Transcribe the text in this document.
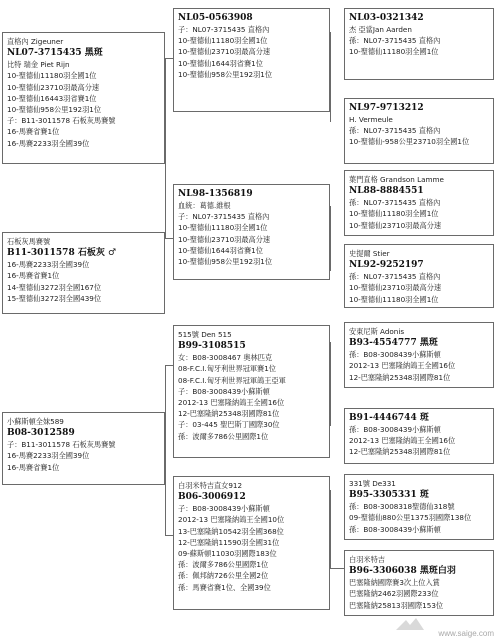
直格內 Zigeuner
NL07-3715435 黑斑
比特 瑞金 Piet Rijn
10-聖德仙11180羽全國1位
10-聖德仙23710羽最高分速
10-聖德仙16443羽省賽1位
10-聖德仙958公里192羽1位
子：B11-3011578 石板灰馬賽號
16-馬賽省賽1位
16-馬賽2233羽全國39位
石板灰馬賽號
B11-3011578 石板灰 ♂
16-馬賽2233羽全國39位
16-馬賽省賽1位
14-聖德仙3272羽全國167位
15-聖德仙3272羽全國439位
小蘇斯頓全妹589
B08-3012589
子：B11-3011578 石板灰馬賽號
16-馬賽2233羽全國39位
16-馬賽省賽1位
NL05-0563908
子：NL07-3715435 直格內
10-聖德仙11180羽全國1位
10-聖德仙23710羽最高分速
10-聖德仙1644羽省賽1位
10-聖德仙958公里192羽1位
NL98-1356819
血統：葛德.維根
子：NL07-3715435 直格內
10-聖德仙11180羽全國1位
10-聖德仙23710羽最高分速
10-聖德仙1644羽省賽1位
10-聖德仙958公里192羽1位
515號 Den 515
B99-3108515
女：B08-3008467 奧林匹克
08-F.C.I.匈牙利世界冠軍賽1位
08-F.C.I.匈牙利世界冠軍鴿王亞軍
子：B08-3008439小蘇斯頓
2012-13 巴塞隆納鴿王全國16位
12-巴塞隆納25348羽國際81位
子：03-445 聖巴斯丁國際30位
孫：波爾多786公里國際1位
白羽米特吉直女912
B06-3006912
子：B08-3008439小蘇斯頓
2012-13 巴塞隆納鴿王全國10位
13-巴塞隆納10542羽全國368位
12-巴塞隆納11590羽全國31位
09-蘇斯頓11030羽國際183位
孫：波爾多786公里國際1位
孫：佩邦納726公里全國2位
孫：馬賽省賽1位、全國39位
NL03-0321342
杰 亞當Jan Aarden
孫：NL07-3715435 直格內
10-聖德仙11180羽全國1位
NL97-9713212
H. Vermeule
孫：NL07-3715435 直格內
10-聖德仙-958公里23710羽全國1位
葉門直格 Grandson Lamme
NL88-8884551
孫：NL07-3715435 直格內
10-聖德仙11180羽全國1位
10-聖德仙23710羽最高分速
史提爾 Stier
NL92-9252197
孫：NL07-3715435 直格內
10-聖德仙23710羽最高分速
10-聖德仙11180羽全國1位
安東尼斯 Adonis
B93-4554777 黑斑
孫：B08-3008439小蘇斯頓
2012-13 巴塞隆納鴿王全國16位
12-巴塞隆納25348羽國際81位
B91-4446744 斑
孫：B08-3008439小蘇斯頓
2012-13 巴塞隆納鴿王全國16位
12-巴塞隆納25348羽國際81位
331號 De331
B95-3305331 斑
孫：B08-3008318聖德仙318號
09-聖德仙880公里1375羽國際138位
孫：B08-3008439小蘇斯頓
白羽米特吉
B96-3306038 黑斑白羽
巴塞隆納國際賽3次上位入賞
巴塞隆納2462羽國際233位
巴塞隆納25813羽國際153位
www.saige.com
